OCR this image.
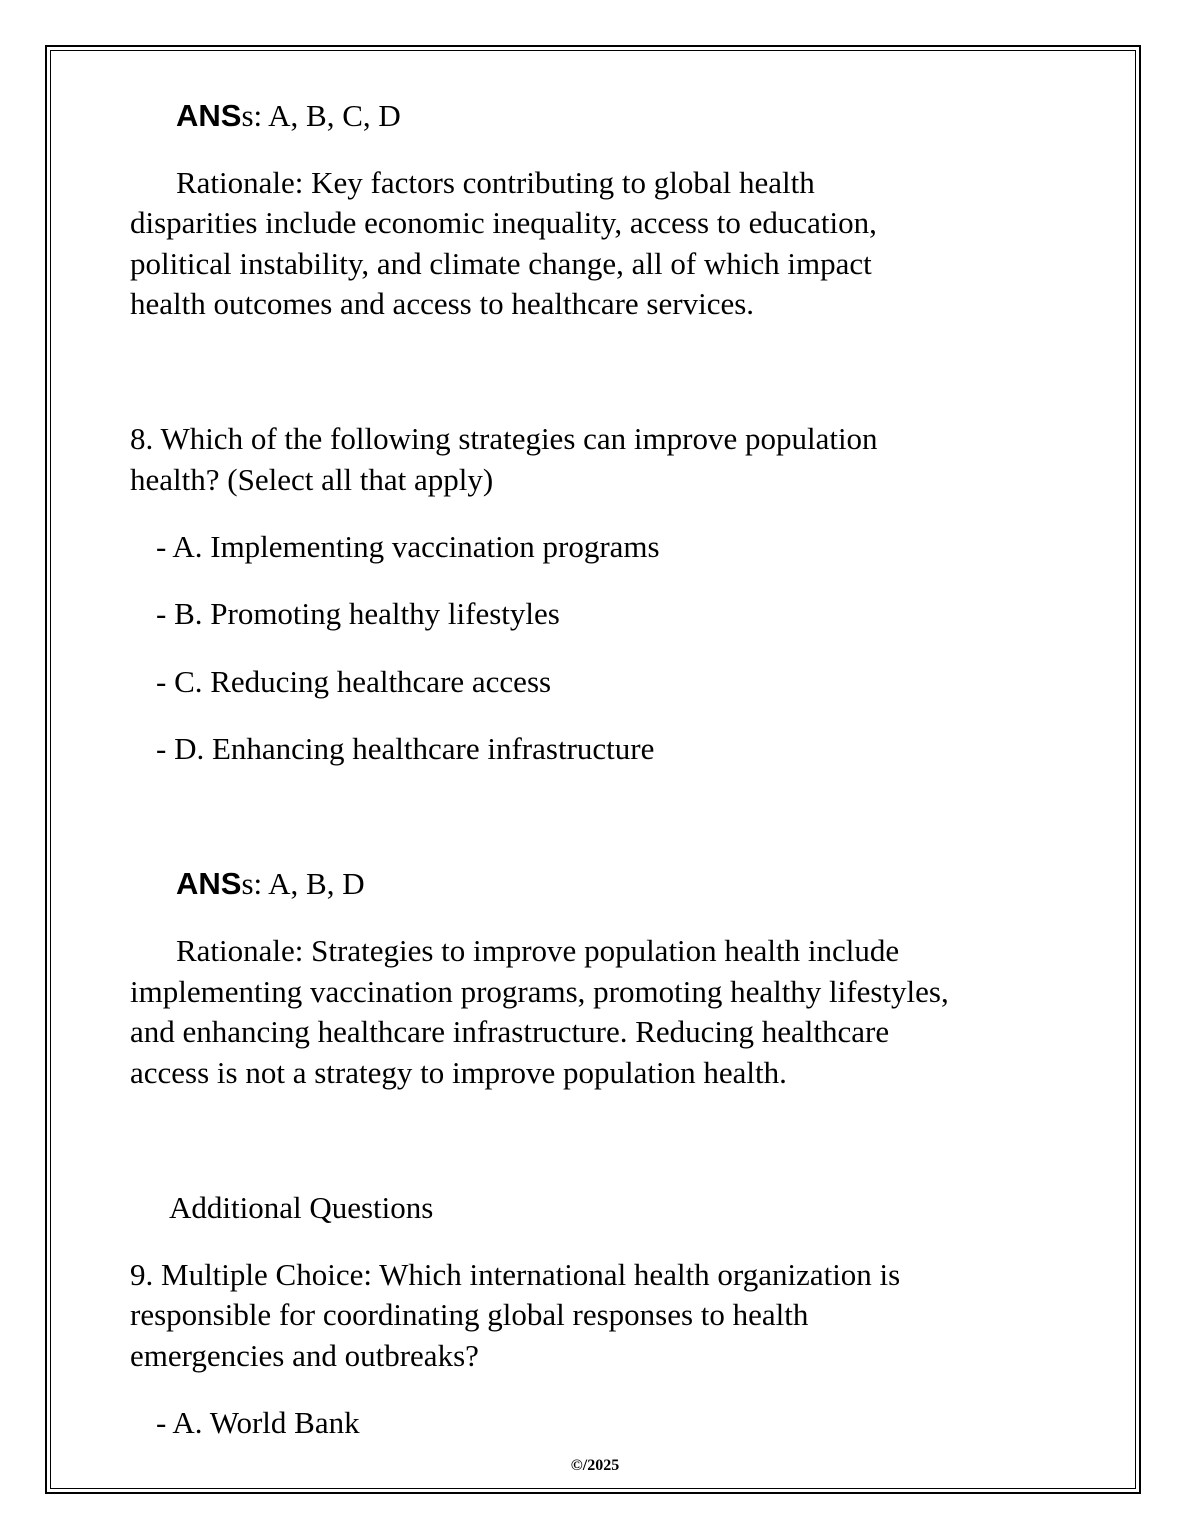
ANSs: A, B, C, D
Rationale: Key factors contributing to global health
disparities include economic inequality, access to education,
political instability, and climate change, all of which impact
health outcomes and access to healthcare services.
8. Which of the following strategies can improve population
health? (Select all that apply)
- A. Implementing vaccination programs
- B. Promoting healthy lifestyles
- C. Reducing healthcare access
- D. Enhancing healthcare infrastructure
ANSs: A, B, D
Rationale: Strategies to improve population health include
implementing vaccination programs, promoting healthy lifestyles,
and enhancing healthcare infrastructure. Reducing healthcare
access is not a strategy to improve population health.
Additional Questions
9. Multiple Choice: Which international health organization is
responsible for coordinating global responses to health
emergencies and outbreaks?
- A. World Bank
©/2025
